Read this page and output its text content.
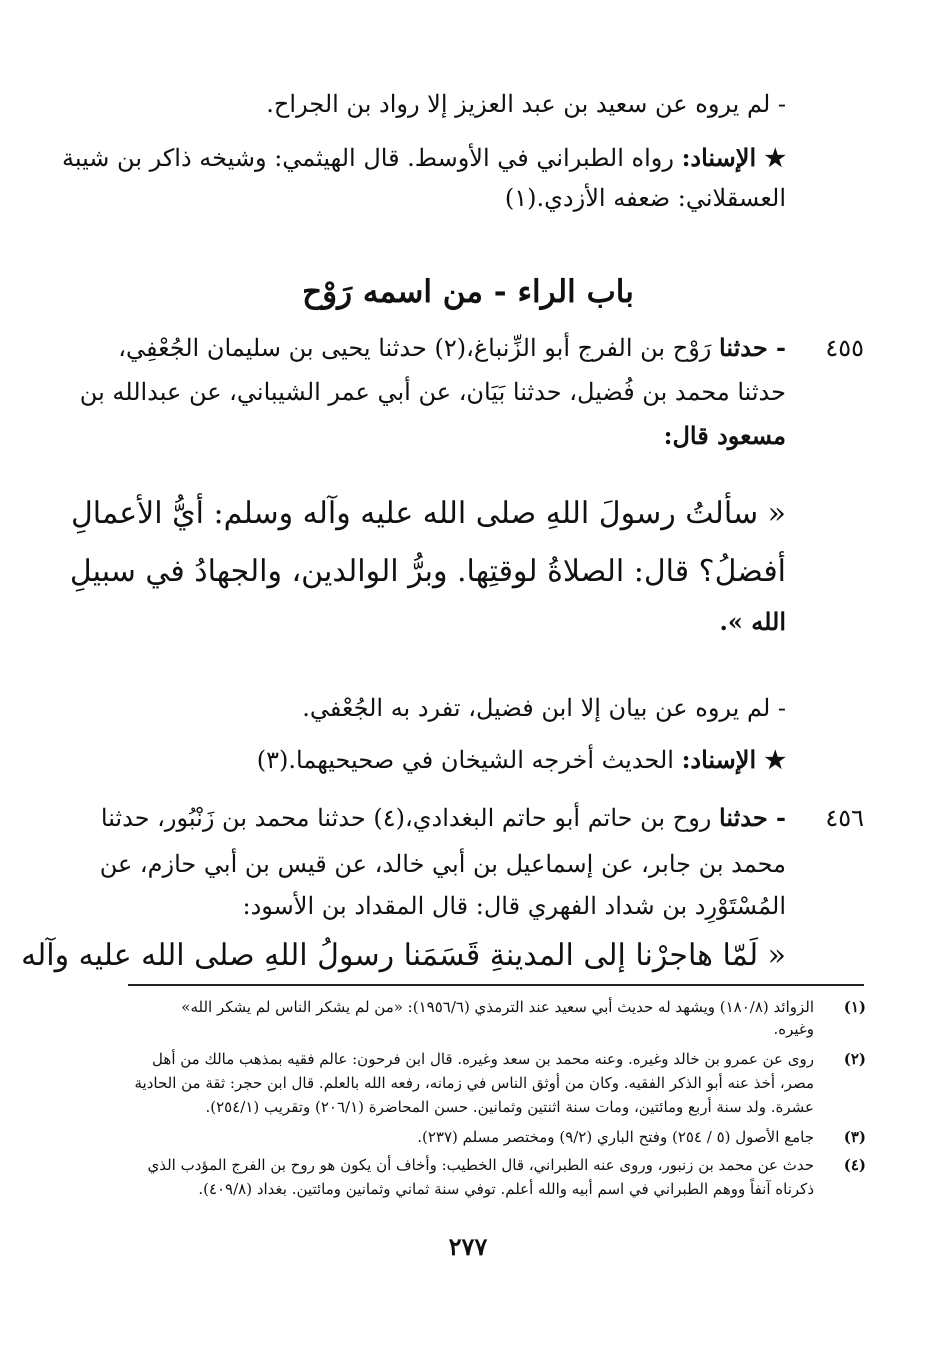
- لم يروه عن سعيد بن عبد العزيز إلا رواد بن الجراح.
★ الإسناد: رواه الطبراني في الأوسط. قال الهيثمي: وشيخه ذاكر بن شيبة
العسقلاني: ضعفه الأزدي.(١)
باب الراء - من اسمه رَوْح
٤٥٥
- حدثنا رَوْح بن الفرج أبو الزِّنباغ،(٢) حدثنا يحيى بن سليمان الجُعْفِي،
حدثنا محمد بن فُضيل، حدثنا بَيَان، عن أبي عمر الشيباني، عن عبدالله بن
مسعود قال:
« سألتُ رسولَ اللهِ صلى الله عليه وآله وسلم: أيُّ الأعمالِ
أفضلُ؟ قال: الصلاةُ لوقتِها. وبرُّ الوالدين، والجهادُ في سبيلِ
الله ».
- لم يروه عن بيان إلا ابن فضيل، تفرد به الجُعْفي.
★ الإسناد: الحديث أخرجه الشيخان في صحيحيهما.(٣)
٤٥٦
- حدثنا روح بن حاتم أبو حاتم البغدادي،(٤) حدثنا محمد بن زَنْبُور، حدثنا
محمد بن جابر، عن إسماعيل بن أبي خالد، عن قيس بن أبي حازم، عن
المُسْتَوْرِد بن شداد الفهري قال: قال المقداد بن الأسود:
« لَمّا هاجرْنا إلى المدينةِ قَسَمَنا رسولُ اللهِ صلى الله عليه وآله
(١)
الزوائد (١٨٠/٨) ويشهد له حديث أبي سعيد عند الترمذي (١٩٥٦/٦): «من لم يشكر الناس لم يشكر الله»
وغيره.
(٢)
روى عن عمرو بن خالد وغيره. وعنه محمد بن سعد وغيره. قال ابن فرحون: عالم فقيه بمذهب مالك من أهل
مصر، أخذ عنه أبو الذكر الفقيه. وكان من أوثق الناس في زمانه، رفعه الله بالعلم. قال ابن حجر: ثقة من الحادية
عشرة. ولد سنة أربع ومائتين، ومات سنة اثنتين وثمانين. حسن المحاضرة (٢٠٦/١) وتقريب (٢٥٤/١).
(٣)
جامع الأصول (٥ / ٢٥٤) وفتح الباري (٩/٢) ومختصر مسلم (٢٣٧).
(٤)
حدث عن محمد بن زنبور، وروى عنه الطبراني، قال الخطيب: وأخاف أن يكون هو روح بن الفرج المؤدب الذي
ذكرناه آنفاً ووهم الطبراني في اسم أبيه والله أعلم. توفي سنة ثماني وثمانين ومائتين. بغداد (٤٠٩/٨).
٢٧٧
